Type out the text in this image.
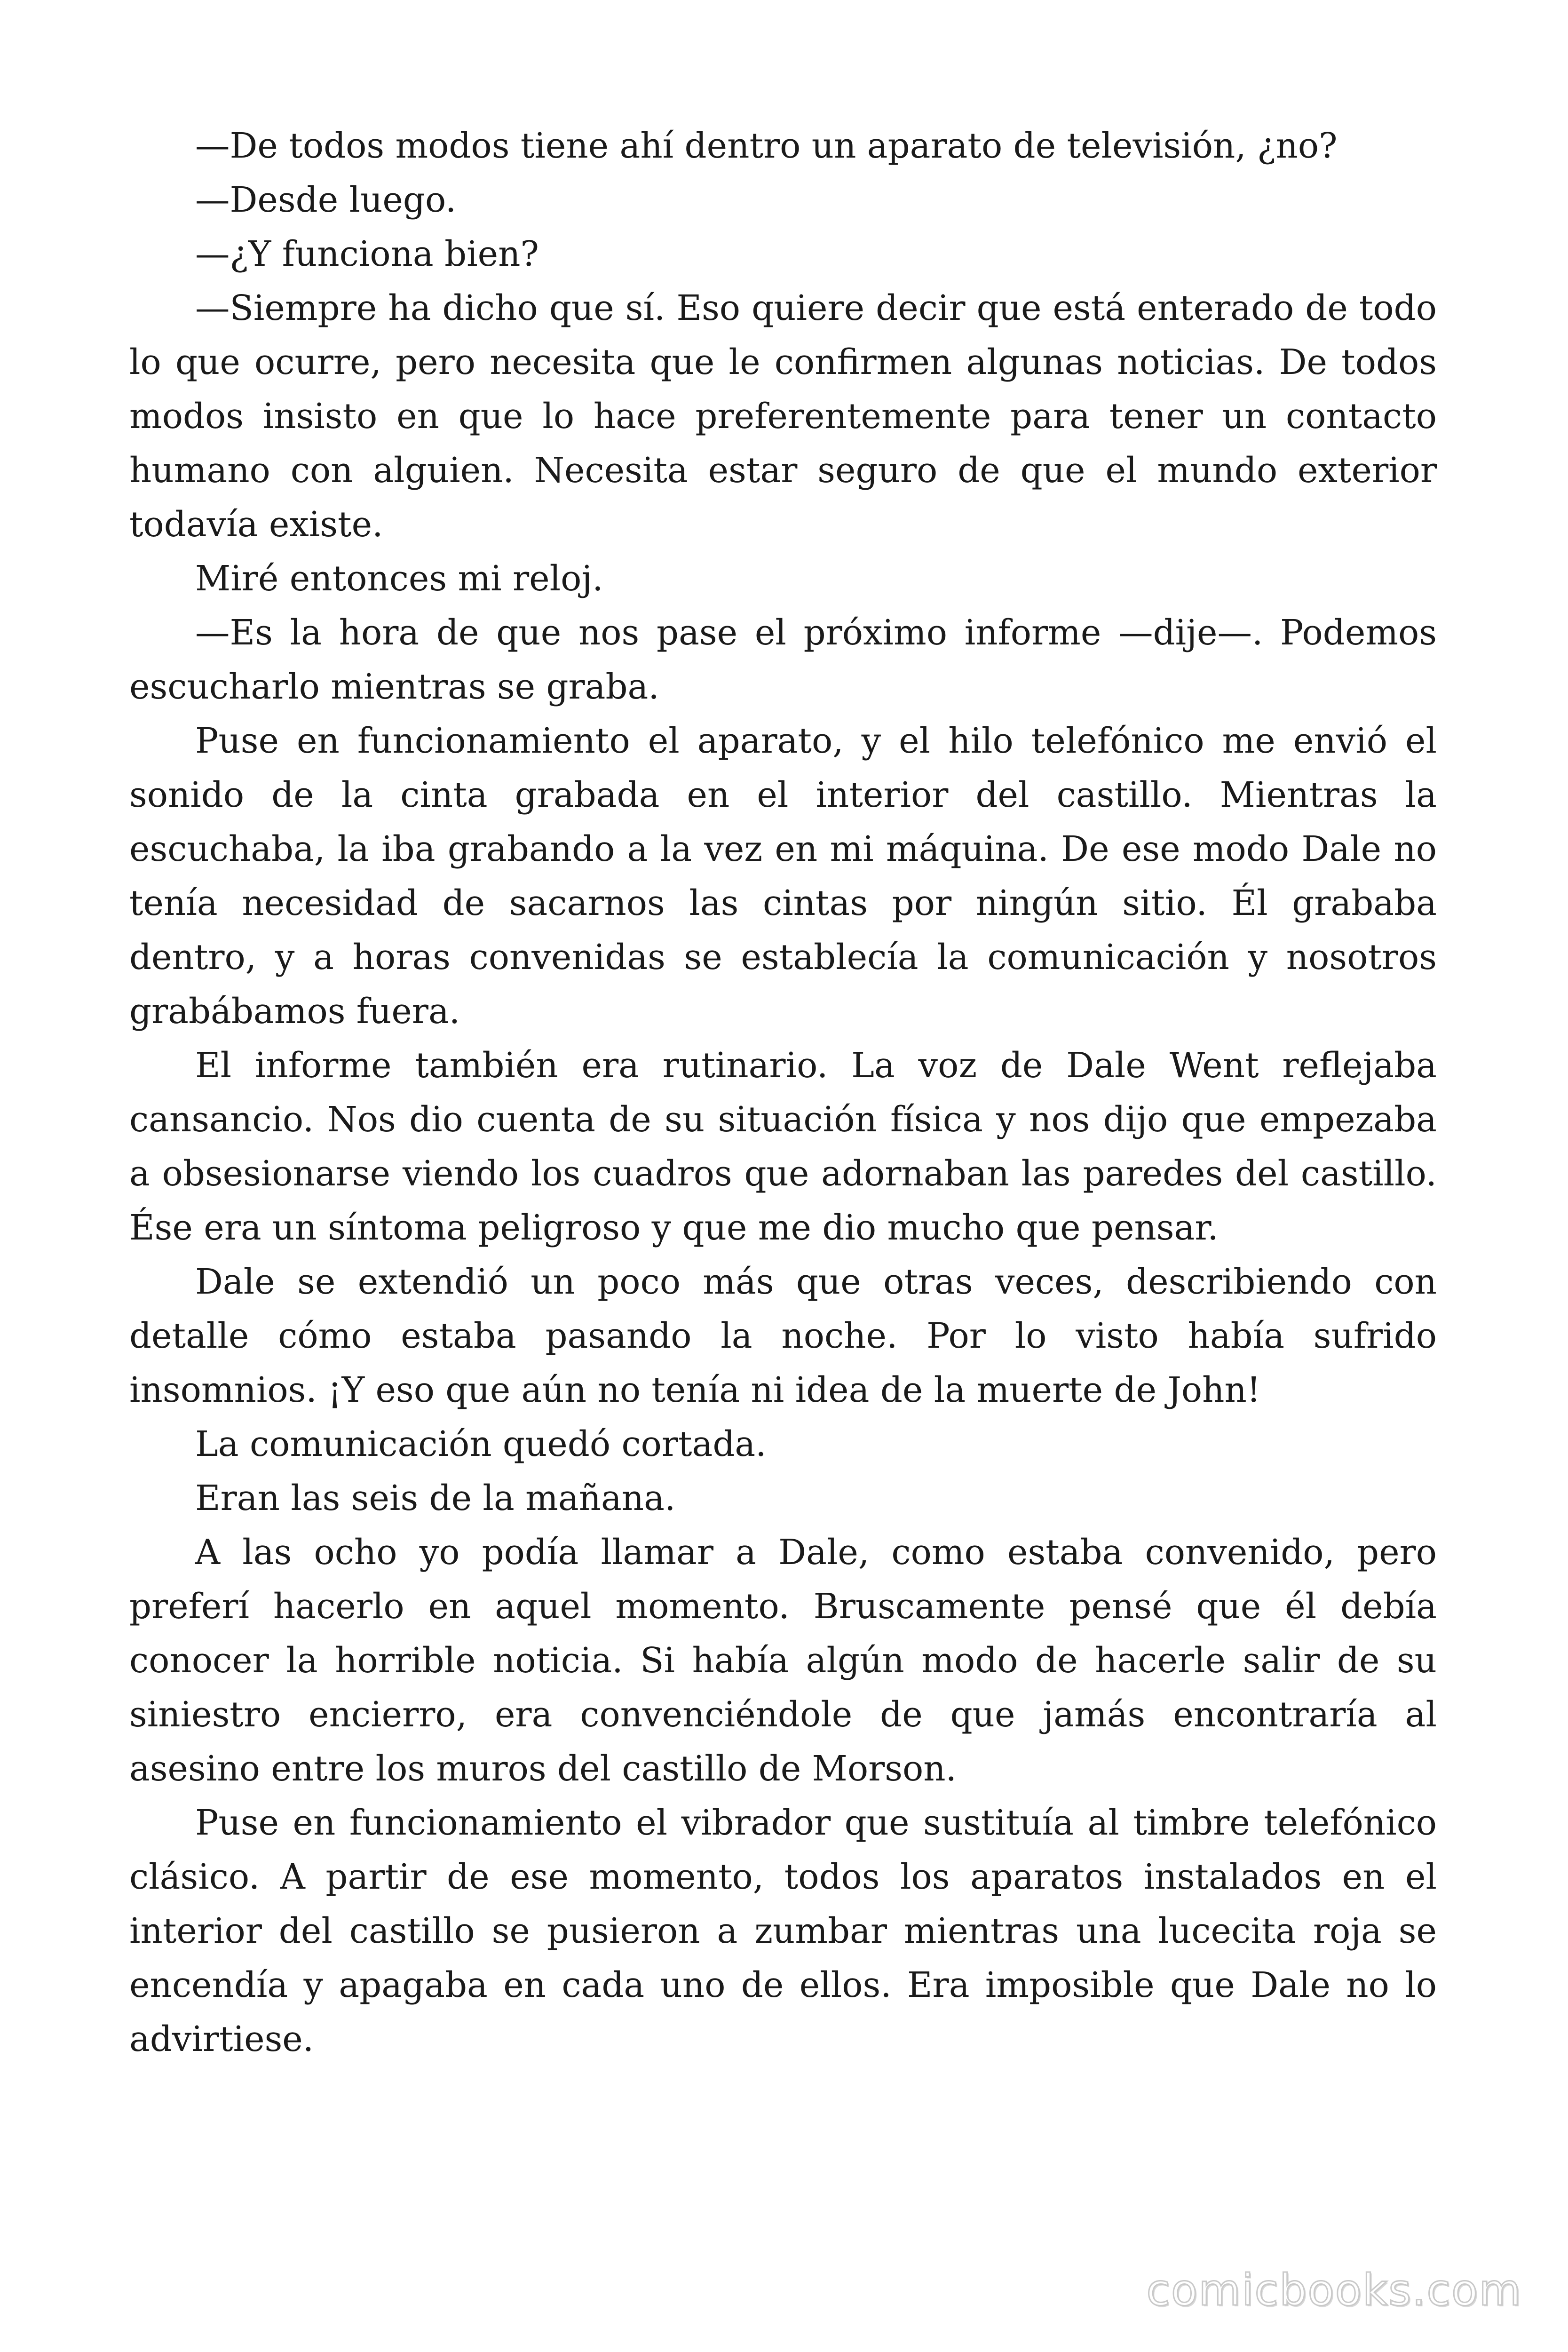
—De todos modos tiene ahí dentro un aparato de televisión, ¿no?

—Desde luego.

—¿Y funciona bien?

—Siempre ha dicho que sí. Eso quiere decir que está enterado de todo lo que ocurre, pero necesita que le confirmen algunas noticias. De todos modos insisto en que lo hace preferentemente para tener un contacto humano con alguien. Necesita estar seguro de que el mundo exterior todavía existe.

Miré entonces mi reloj.

—Es la hora de que nos pase el próximo informe —dije—. Podemos escucharlo mientras se graba.

Puse en funcionamiento el aparato, y el hilo telefónico me envió el sonido de la cinta grabada en el interior del castillo. Mientras la escuchaba, la iba grabando a la vez en mi máquina. De ese modo Dale no tenía necesidad de sacarnos las cintas por ningún sitio. Él grababa dentro, y a horas convenidas se establecía la comunicación y nosotros grabábamos fuera.

El informe también era rutinario. La voz de Dale Went reflejaba cansancio. Nos dio cuenta de su situación física y nos dijo que empezaba a obsesionarse viendo los cuadros que adornaban las paredes del castillo. Ése era un síntoma peligroso y que me dio mucho que pensar.

Dale se extendió un poco más que otras veces, describiendo con detalle cómo estaba pasando la noche. Por lo visto había sufrido insomnios. ¡Y eso que aún no tenía ni idea de la muerte de John!

La comunicación quedó cortada.

Eran las seis de la mañana.

A las ocho yo podía llamar a Dale, como estaba convenido, pero preferí hacerlo en aquel momento. Bruscamente pensé que él debía conocer la horrible noticia. Si había algún modo de hacerle salir de su siniestro encierro, era convenciéndole de que jamás encontraría al asesino entre los muros del castillo de Morson.

Puse en funcionamiento el vibrador que sustituía al timbre telefónico clásico. A partir de ese momento, todos los aparatos instalados en el interior del castillo se pusieron a zumbar mientras una lucecita roja se encendía y apagaba en cada uno de ellos. Era imposible que Dale no lo advirtiese.

comicbooks.com
